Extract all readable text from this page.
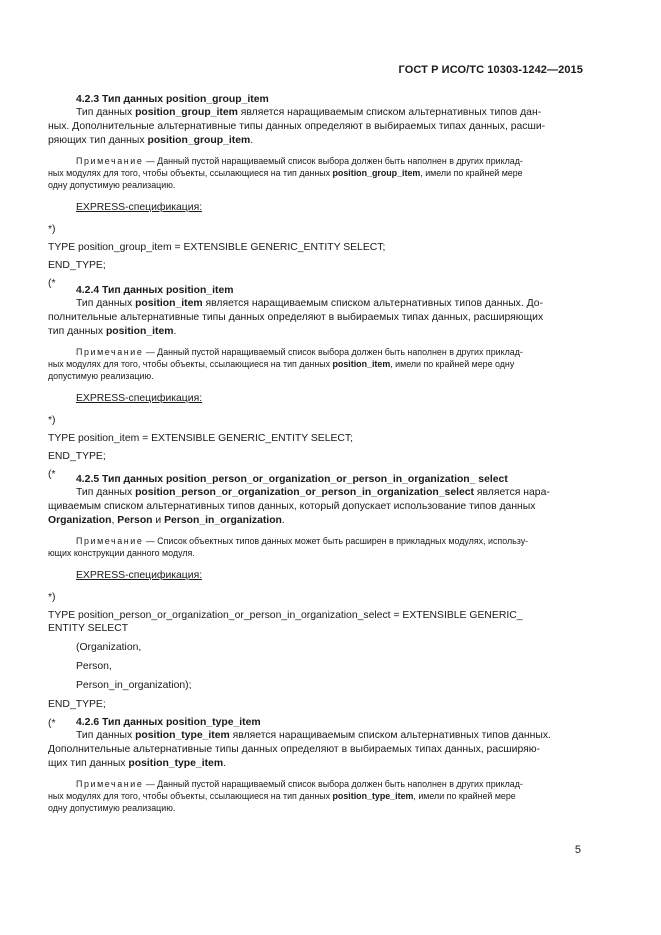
ГОСТ Р ИСО/ТС 10303-1242—2015
4.2.3 Тип данных position_group_item

Тип данных position_group_item является наращиваемым списком альтернативных типов дан-

ных. Дополнительные альтернативные типы данных определяют в выбираемых типах данных, расши-

ряющих тип данных position_group_item.

Примечание — Данный пустой наращиваемый список выбора должен быть наполнен в других приклад-

ных модулях для того, чтобы объекты, ссылающиеся на тип данных position_group_item, имели по крайней мере

одну допустимую реализацию.

EXPRESS-спецификация:

*)

TYPE position_group_item = EXTENSIBLE GENERIC_ENTITY SELECT;

END_TYPE;

(*

4.2.4 Тип данных position_item

Тип данных position_item является наращиваемым списком альтернативных типов данных. До-

полнительные альтернативные типы данных определяют в выбираемых типах данных, расширяющих

тип данных position_item.

Примечание — Данный пустой наращиваемый список выбора должен быть наполнен в других приклад-

ных модулях для того, чтобы объекты, ссылающиеся на тип данных position_item, имели по крайней мере одну

допустимую реализацию.

EXPRESS-спецификация:

*)

TYPE position_item = EXTENSIBLE GENERIC_ENTITY SELECT;

END_TYPE;

(*	4.2.5 Тип данных position_person_or_organization_or_person_in_organization_ select

Тип данных position_person_or_organization_or_person_in_organization_select является нара-

щиваемым списком альтернативных типов данных, который допускает использование типов данных

Organization, Person и Person_in_organization.

Примечание — Список объектных типов данных может быть расширен в прикладных модулях, использу-

ющих конструкции данного модуля.

EXPRESS-спецификация:

*)

TYPE position_person_or_organization_or_person_in_organization_select = EXTENSIBLE GENERIC_

ENTITY SELECT

(Organization,

Person,

Person_in_organization);

END_TYPE;

(*	4.2.6 Тип данных position_type_item

Тип данных position_type_item является наращиваемым списком альтернативных типов данных.

Дополнительные альтернативные типы данных определяют в выбираемых типах данных, расширяю-

щих тип данных position_type_item.

Примечание — Данный пустой наращиваемый список выбора должен быть наполнен в других приклад-

ных модулях для того, чтобы объекты, ссылающиеся на тип данных position_type_item, имели по крайней мере

одну допустимую реализацию.

5
